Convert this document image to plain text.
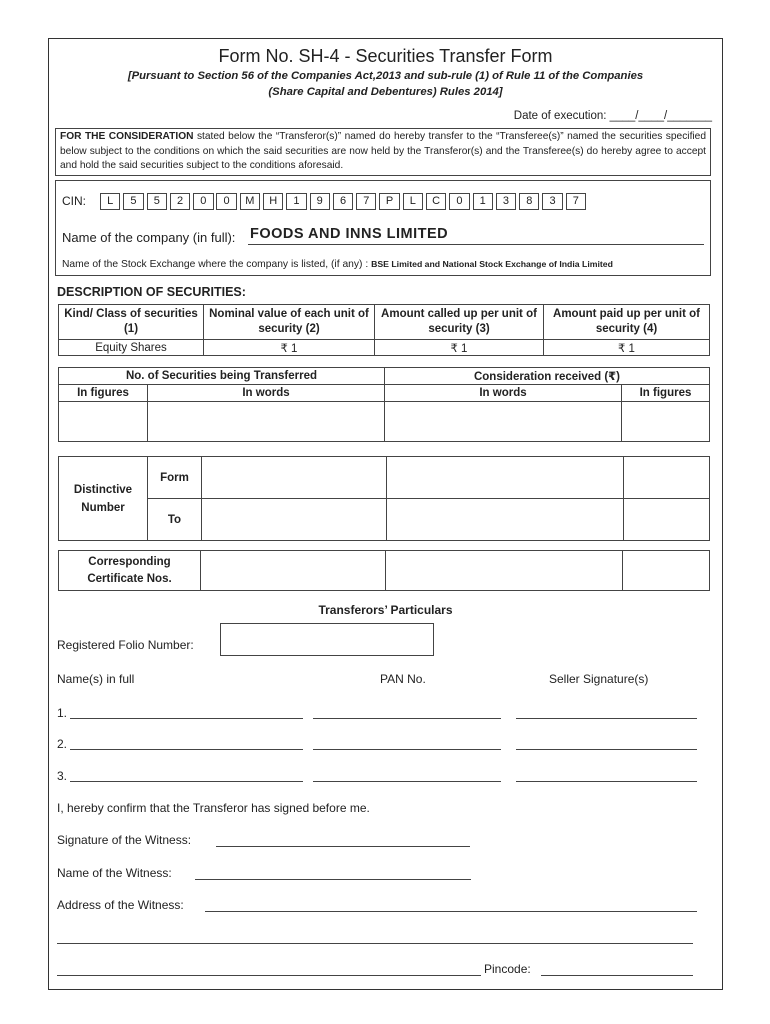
Form No. SH-4 - Securities Transfer Form
[Pursuant to Section 56 of the Companies Act,2013 and sub-rule (1) of Rule 11 of the Companies
(Share Capital and Debentures) Rules 2014]
Date of execution: ____/____/_______
FOR THE CONSIDERATION stated below the “Transferor(s)” named do hereby transfer to the “Transferee(s)” named the securities specified below subject to the conditions on which the said securities are now held by the Transferor(s) and the Transferee(s) do hereby agree to accept and hold the said securities subject to the conditions aforesaid.
CIN:	L	5	5	2	0	0	M	H	1	9	6	7	P	L	C	0	1	3	8	3	7
Name of the company (in full): FOODS AND INNS LIMITED
Name of the Stock Exchange where the company is listed, (if any) : BSE Limited and National Stock Exchange of India Limited
DESCRIPTION OF SECURITIES:
Kind/ Class of securities (1)	Nominal value of each unit of security (2)	Amount called up per unit of security (3)	Amount paid up per unit of security (4)
Equity Shares	₹ 1	₹ 1	₹ 1
No. of Securities being Transferred		Consideration received (₹)	
In figures	In words	In words	In figures

Distinctive Number	Form			
	To			
Corresponding Certificate Nos.			
Transferors’ Particulars
Registered Folio Number:
Name(s) in full	PAN No.	Seller Signature(s)
1.
2.
3.
I, hereby confirm that the Transferor has signed before me.
Signature of the Witness:
Name of the Witness:
Address of the Witness:
Pincode:
